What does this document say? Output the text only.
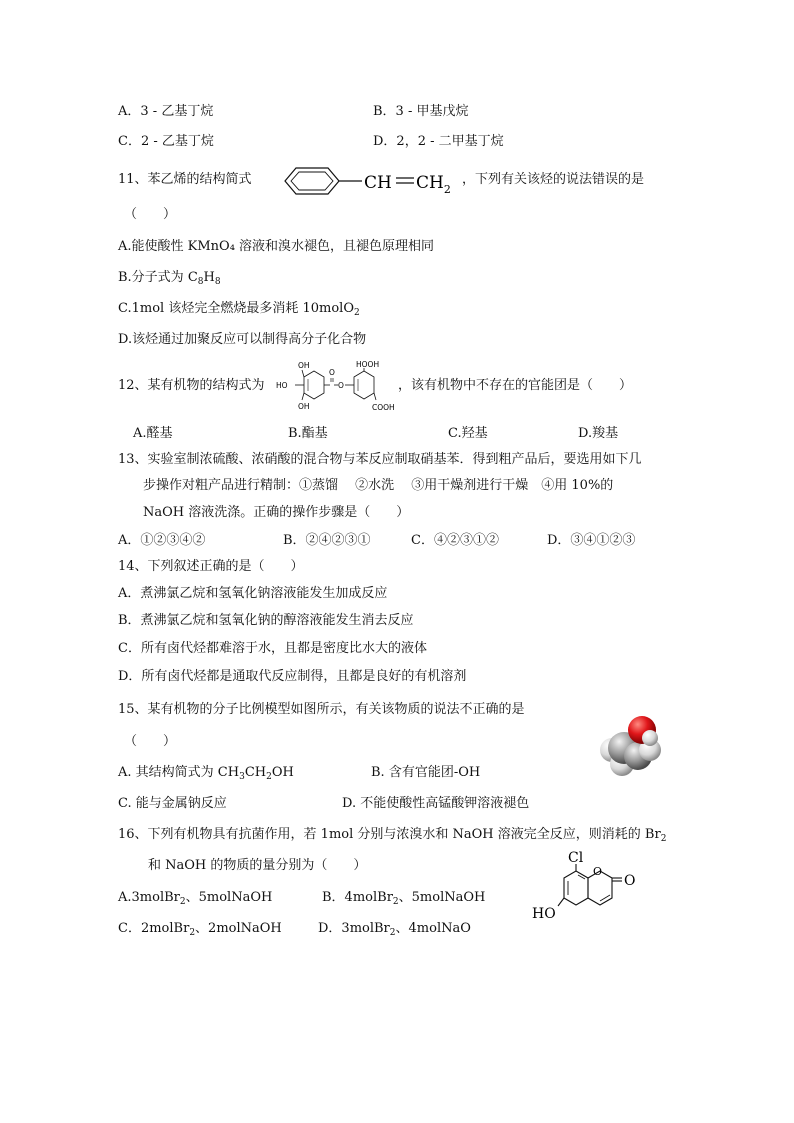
A．3 - 乙基丁烷	B．3 - 甲基戊烷
C．2 - 乙基丁烷	D．2，2 - 二甲基丁烷
11、苯乙烯的结构简式	CH $CH_2$
，下列有关该烃的说法错误的是
（　　）
A.能使酸性 KMnO₄ 溶液和溴水褪色，且褪色原理相同
B.分子式为 $C_8H_8$
C.1mol 该烃完全燃烧最多消耗 10molO$_2$
D.该烃通过加聚反应可以制得高分子化合物
12、某有机物的结构式为
OH
HO
OH
O
O
HOOH
COOH
，该有机物中不存在的官能团是（　　）
A.醛基	B.酯基	C.羟基	D.羧基
13、实验室制浓硫酸、浓硝酸的混合物与苯反应制取硝基苯．得到粗产品后，要选用如下几
步操作对粗产品进行精制：①蒸馏　 ②水洗　 ③用干燥剂进行干燥　④用 10%的
NaOH 溶液洗涤。正确的操作步骤是（　　）
A．①②③④②	B．②④②③①	C．④②③①②	D．③④①②③
14、下列叙述正确的是（　　）
A．煮沸氯乙烷和氢氧化钠溶液能发生加成反应
B．煮沸氯乙烷和氢氧化钠的醇溶液能发生消去反应
C．所有卤代烃都难溶于水，且都是密度比水大的液体
D．所有卤代烃都是通取代反应制得，且都是良好的有机溶剂
15、某有机物的分子比例模型如图所示，有关该物质的说法不正确的是
（　　）
A. 其结构简式为 $CH_3CH_2OH$	B. 含有官能团-OH
C. 能与金属钠反应	D. 不能使酸性高锰酸钾溶液褪色
16、下列有机物具有抗菌作用，若 1mol 分别与浓溴水和 NaOH 溶液完全反应，则消耗的 $Br_2$
和 NaOH 的物质的量分别为（　　）
A.3molBr$_2$、5molNaOH	B．4molBr$_2$、5molNaOH
C．2molBr$_2$、2molNaOH	D．3molBr$_2$、4molNaO
Cl
HO
O
O
